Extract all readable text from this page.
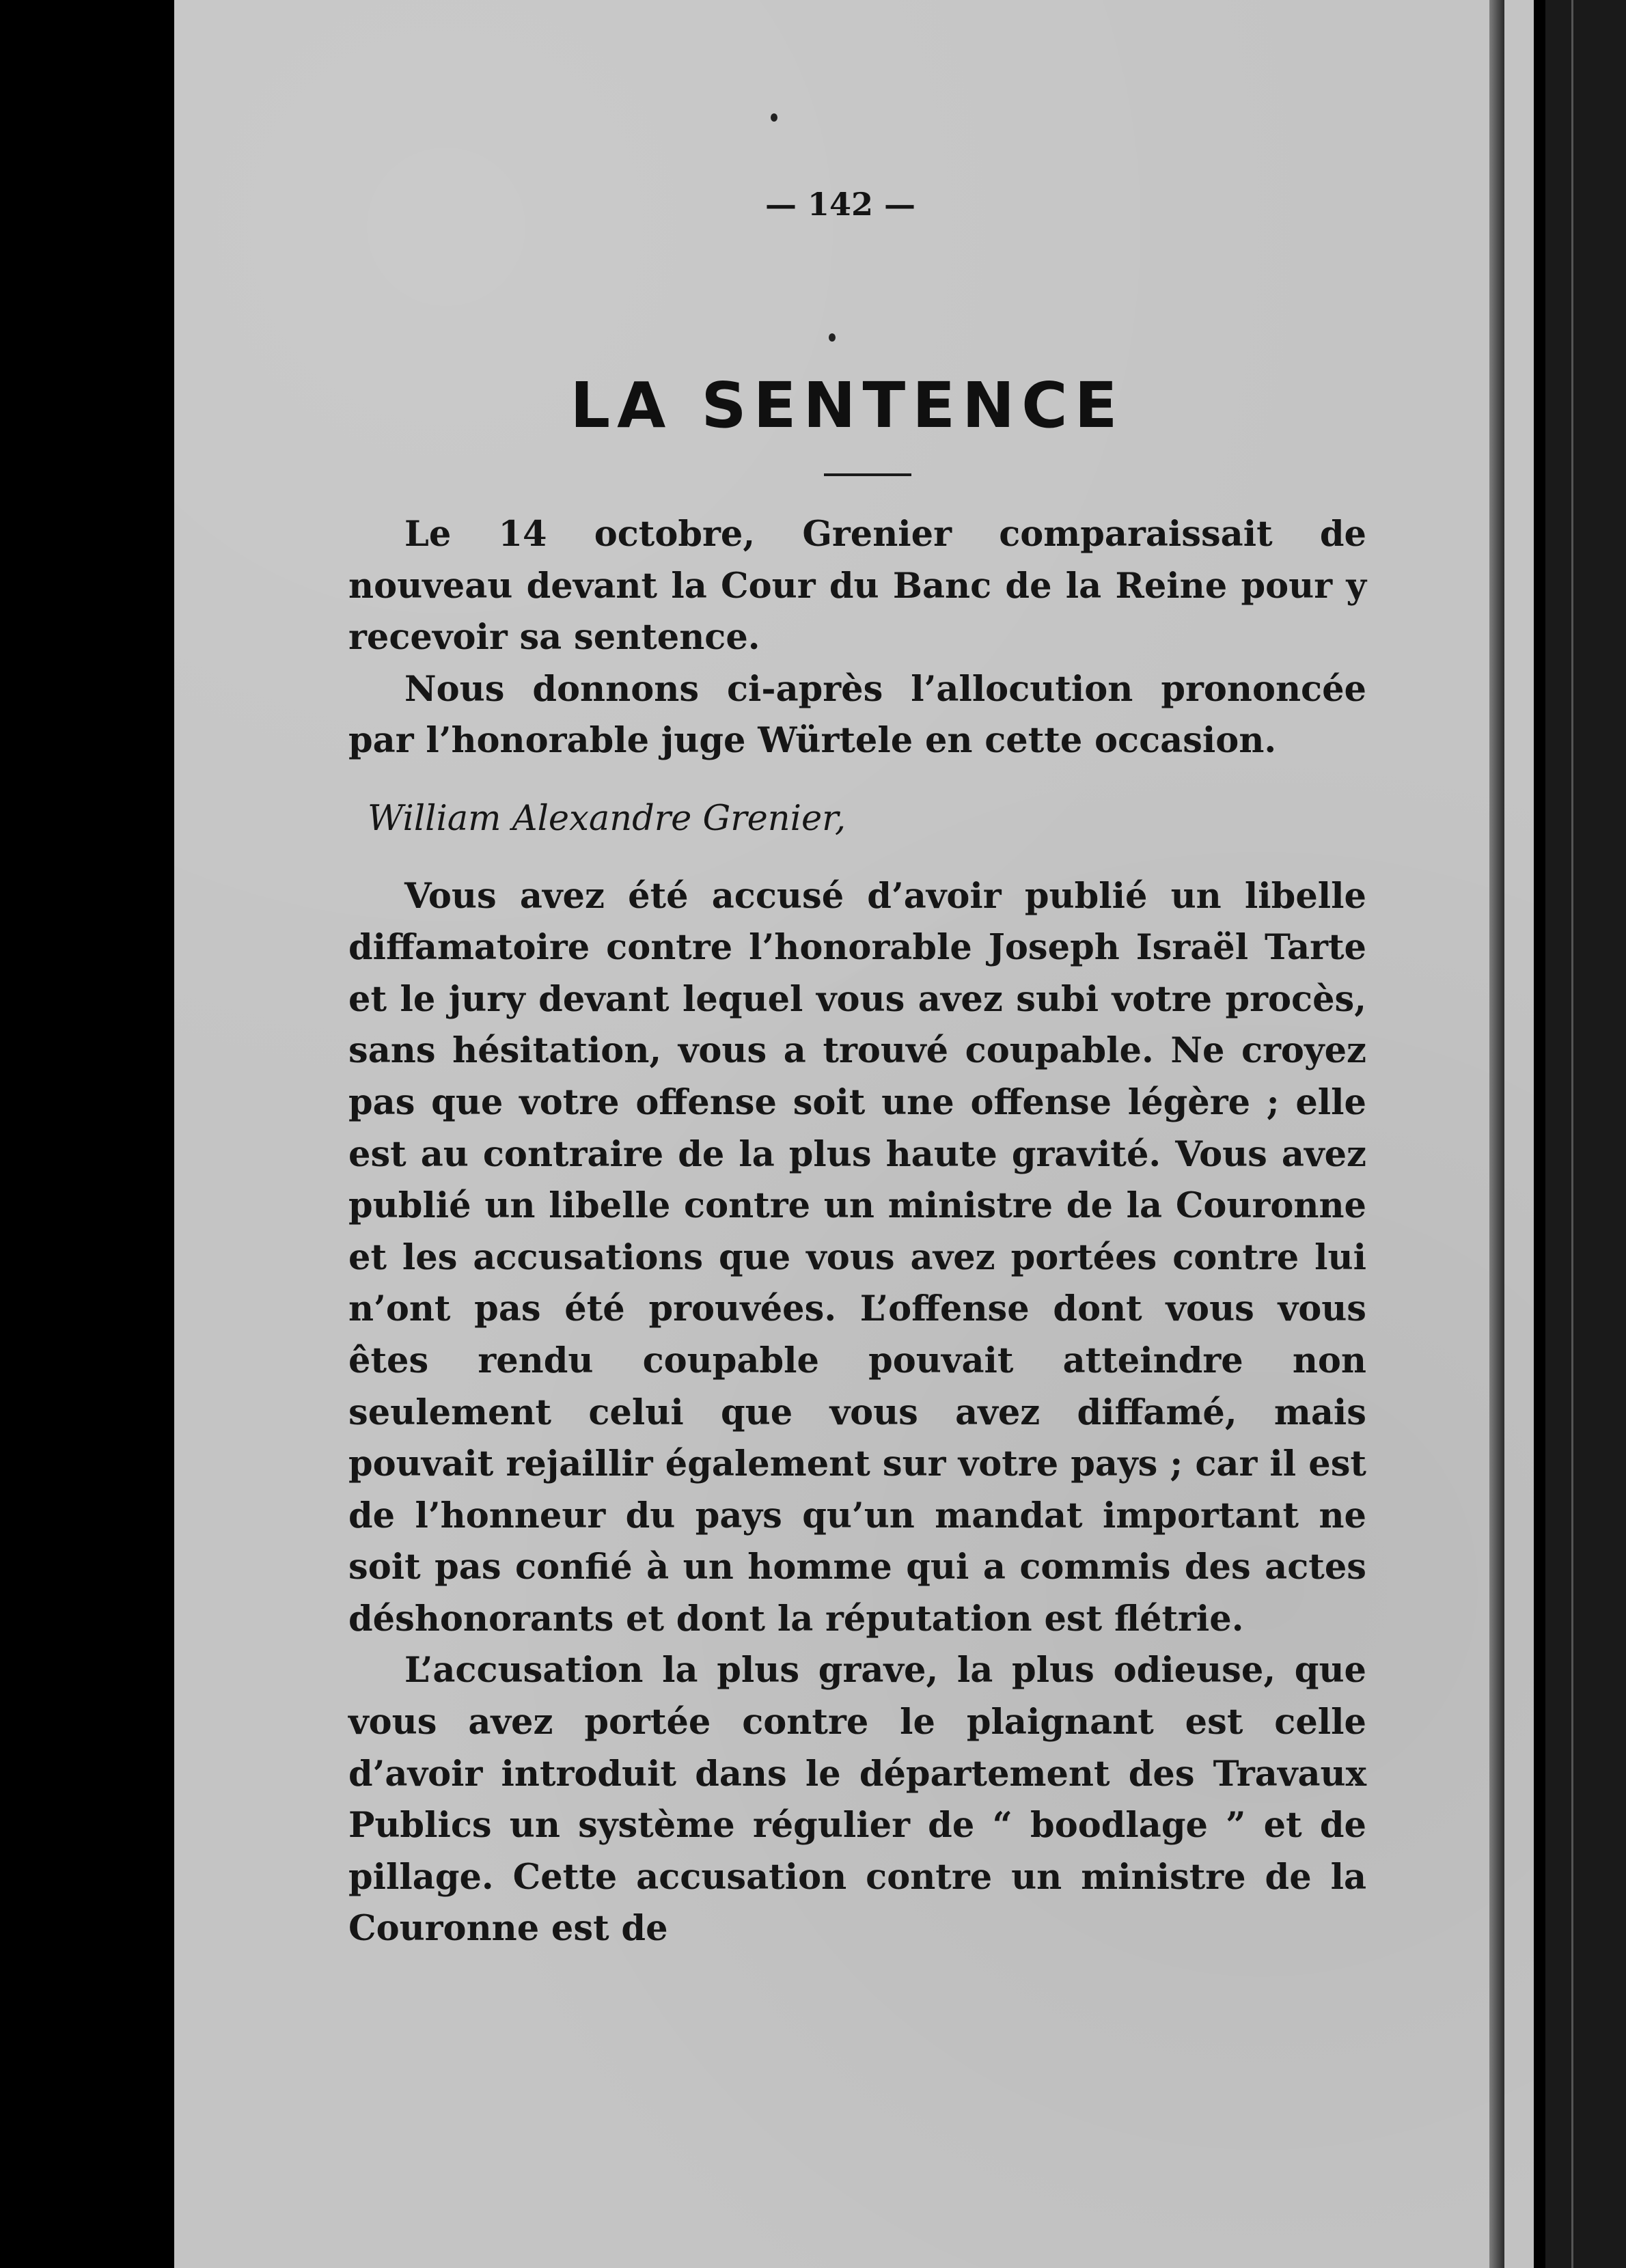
— 142 —
LA SENTENCE

Le 14 octobre, Grenier comparaissait de nouveau devant la Cour du Banc de la Reine pour y recevoir sa sentence.

Nous donnons ci-après l’allocution prononcée par l’honorable juge Würtele en cette occasion.

William Alexandre Grenier,

Vous avez été accusé d’avoir publié un libelle diffamatoire contre l’honorable Joseph Israël Tarte et le jury devant lequel vous avez subi votre procès, sans hésitation, vous a trouvé coupable. Ne croyez pas que votre offense soit une offense légère ; elle est au contraire de la plus haute gravité. Vous avez publié un libelle contre un ministre de la Couronne et les accusations que vous avez portées contre lui n’ont pas été prouvées. L’offense dont vous vous êtes rendu coupable pouvait atteindre non seulement celui que vous avez diffamé, mais pouvait rejaillir également sur votre pays ; car il est de l’honneur du pays qu’un mandat important ne soit pas confié à un homme qui a commis des actes déshonorants et dont la réputation est flétrie.

L’accusation la plus grave, la plus odieuse, que vous avez portée contre le plaignant est celle d’avoir introduit dans le département des Travaux Publics un système régulier de “ boodlage ” et de pillage. Cette accusation contre un ministre de la Couronne est de
